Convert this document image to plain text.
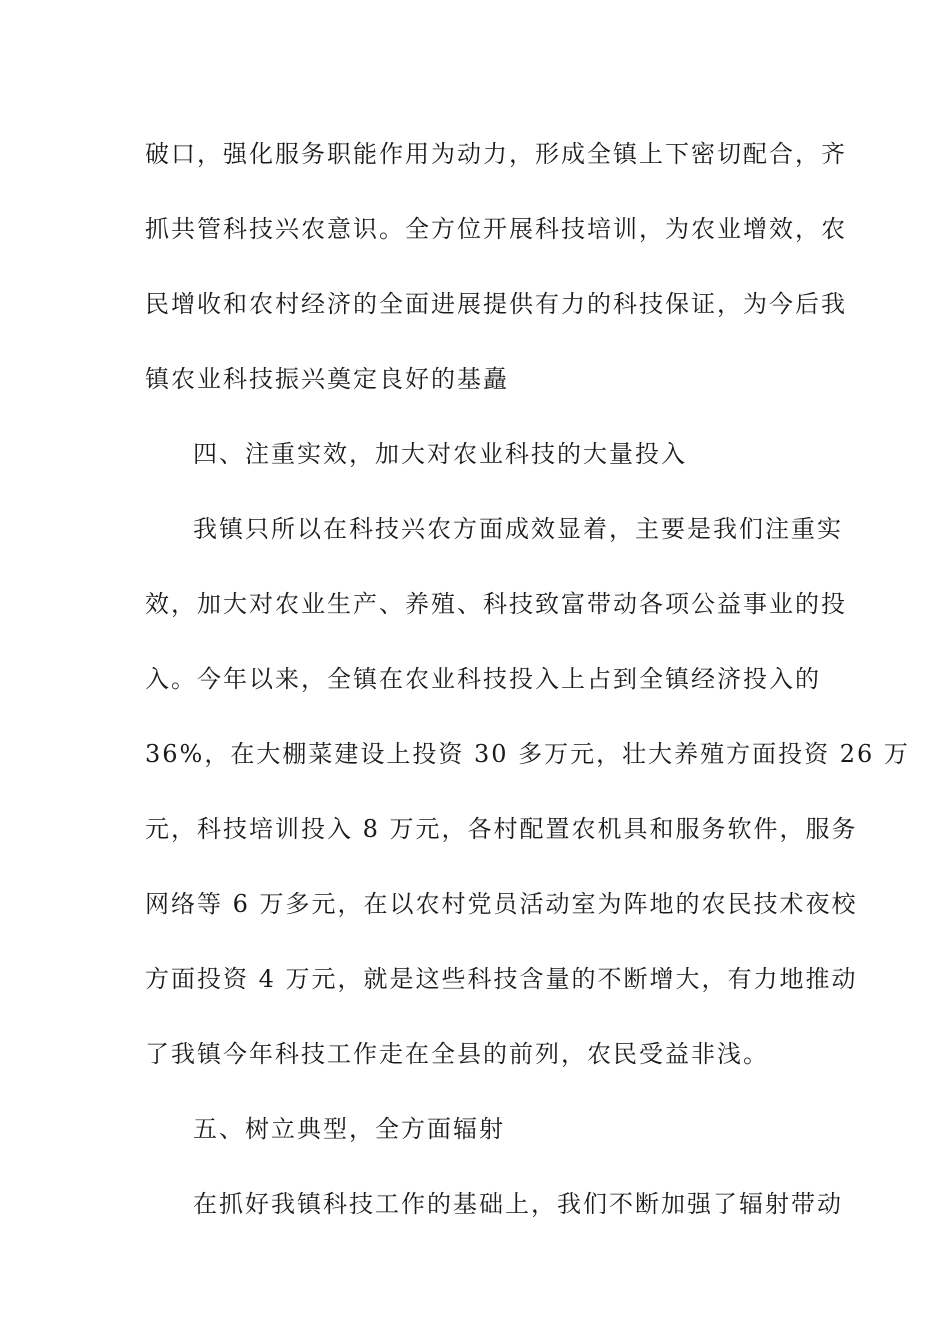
破口，强化服务职能作用为动力，形成全镇上下密切配合，齐
抓共管科技兴农意识。全方位开展科技培训，为农业增效，农
民增收和农村经济的全面进展提供有力的科技保证，为今后我
镇农业科技振兴奠定良好的基矗
四、注重实效，加大对农业科技的大量投入
我镇只所以在科技兴农方面成效显着，主要是我们注重实
效，加大对农业生产、养殖、科技致富带动各项公益事业的投
入。今年以来，全镇在农业科技投入上占到全镇经济投入的
36%，在大棚菜建设上投资 30 多万元，壮大养殖方面投资 26 万
元，科技培训投入 8 万元，各村配置农机具和服务软件，服务
网络等 6 万多元，在以农村党员活动室为阵地的农民技术夜校
方面投资 4 万元，就是这些科技含量的不断增大，有力地推动
了我镇今年科技工作走在全县的前列，农民受益非浅。
五、树立典型，全方面辐射
在抓好我镇科技工作的基础上，我们不断加强了辐射带动
